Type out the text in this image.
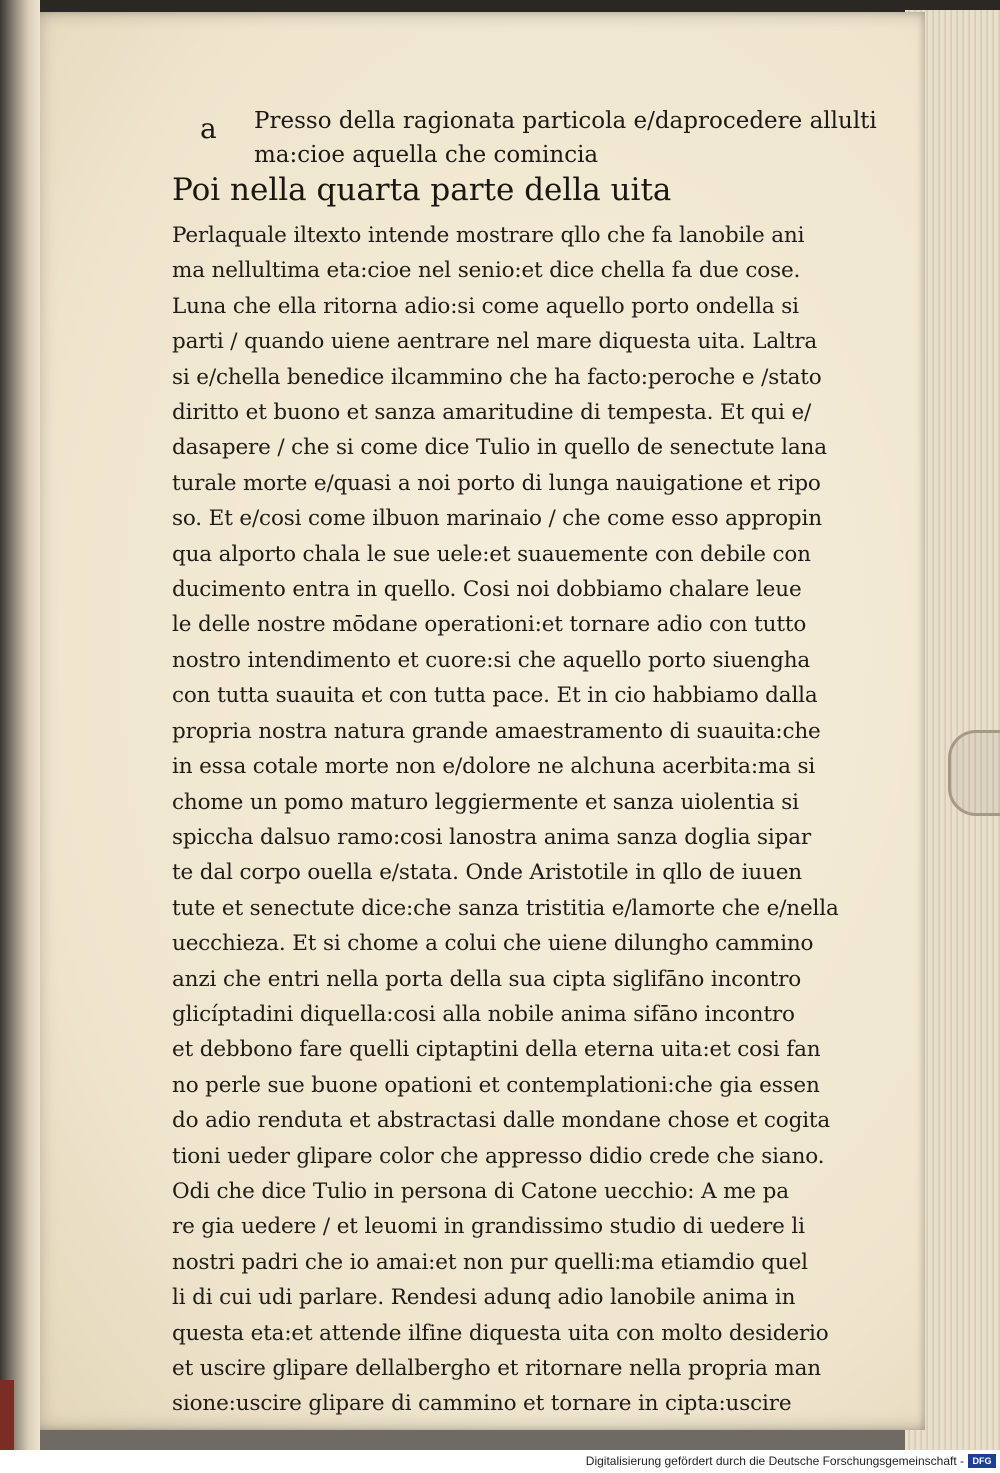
a Presso della ragionata particola e/daprocedere allulti
ma:cioe aquella che comincia
Poi nella quarta parte della uita
Perlaquale iltexto intende mostrare qllo che fa lanobile ani
ma nellultima eta:cioe nel senio:et dice chella fa due cose.
Luna che ella ritorna adio:si come aquello porto ondella si
parti / quando uiene aentrare nel mare diquesta uita. Laltra
si e/chella benedice ilcammino che ha facto:peroche e /stato
diritto et buono et sanza amaritudine di tempesta. Et qui e/
dasapere / che si come dice Tulio in quello de senectute lana
turale morte e/quasi a noi porto di lunga nauigatione et ripo
so. Et e/cosi come ilbuon marinaio / che come esso appropin
qua alporto chala le sue uele:et suauemente con debile con
ducimento entra in quello. Cosi noi dobbiamo chalare leue
le delle nostre mōdane operationi:et tornare adio con tutto
nostro intendimento et cuore:si che aquello porto siuengha
con tutta suauita et con tutta pace. Et in cio habbiamo dalla
propria nostra natura grande amaestramento di suauita:che
in essa cotale morte non e/dolore ne alchuna acerbita:ma si
chome un pomo maturo leggiermente et sanza uiolentia si
spiccha dalsuo ramo:cosi lanostra anima sanza doglia sipar
te dal corpo ouella e/stata. Onde Aristotile in qllo de iuuen
tute et senectute dice:che sanza tristitia e/lamorte che e/nella
uecchieza. Et si chome a colui che uiene dilungho cammino
anzi che entri nella porta della sua cipta siglifāno incontro
glicíptadini diquella:cosi alla nobile anima sifāno incontro
et debbono fare quelli ciptaptini della eterna uita:et cosi fan
no perle sue buone opationi et contemplationi:che gia essen
do adio renduta et abstractasi dalle mondane chose et cogita
tioni ueder glipare color che appresso didio crede che siano.
Odi che dice Tulio in persona di Catone uecchio: A me pa
re gia uedere / et leuomi in grandissimo studio di uedere li
nostri padri che io amai:et non pur quelli:ma etiamdio quel
li di cui udi parlare. Rendesi adunq adio lanobile anima in
questa eta:et attende ilfine diquesta uita con molto desiderio
et uscire glipare dellalbergho et ritornare nella propria man
sione:uscire glipare di cammino et tornare in cipta:uscire
Digitalisierung gefördert durch die Deutsche Forschungsgemeinschaft - DFG
